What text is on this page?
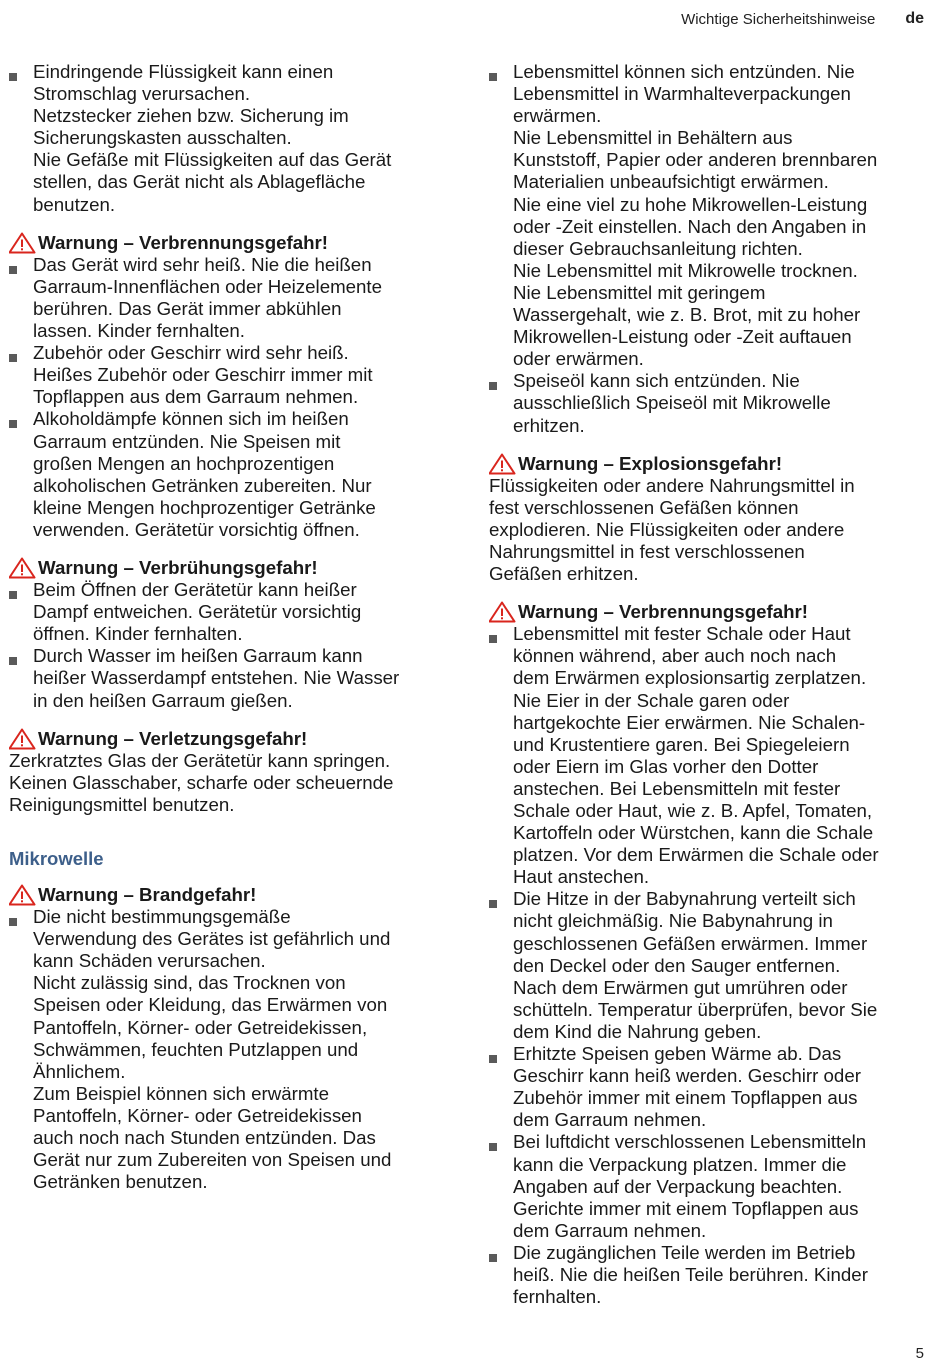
Wichtige Sicherheitshinweise de
Eindringende Flüssigkeit kann einen
Stromschlag verursachen.
Netzstecker ziehen bzw. Sicherung im
Sicherungskasten ausschalten.
Nie Gefäße mit Flüssigkeiten auf das Gerät
stellen, das Gerät nicht als Ablagefläche
benutzen.
Warnung – Verbrennungsgefahr!
Das Gerät wird sehr heiß. Nie die heißen
Garraum-Innenflächen oder Heizelemente
berühren. Das Gerät immer abkühlen
lassen. Kinder fernhalten.
Zubehör oder Geschirr wird sehr heiß.
Heißes Zubehör oder Geschirr immer mit
Topflappen aus dem Garraum nehmen.
Alkoholdämpfe können sich im heißen
Garraum entzünden. Nie Speisen mit
großen Mengen an hochprozentigen
alkoholischen Getränken zubereiten. Nur
kleine Mengen hochprozentiger Getränke
verwenden. Gerätetür vorsichtig öffnen.
Warnung – Verbrühungsgefahr!
Beim Öffnen der Gerätetür kann heißer
Dampf entweichen. Gerätetür vorsichtig
öffnen. Kinder fernhalten.
Durch Wasser im heißen Garraum kann
heißer Wasserdampf entstehen. Nie Wasser
in den heißen Garraum gießen.
Warnung – Verletzungsgefahr!
Zerkratztes Glas der Gerätetür kann springen.
Keinen Glasschaber, scharfe oder scheuernde
Reinigungsmittel benutzen.
Mikrowelle
Warnung – Brandgefahr!
Die nicht bestimmungsgemäße
Verwendung des Gerätes ist gefährlich und
kann Schäden verursachen.
Nicht zulässig sind, das Trocknen von
Speisen oder Kleidung, das Erwärmen von
Pantoffeln, Körner- oder Getreidekissen,
Schwämmen, feuchten Putzlappen und
Ähnlichem.
Zum Beispiel können sich erwärmte
Pantoffeln, Körner- oder Getreidekissen
auch noch nach Stunden entzünden. Das
Gerät nur zum Zubereiten von Speisen und
Getränken benutzen.
Lebensmittel können sich entzünden. Nie
Lebensmittel in Warmhalteverpackungen
erwärmen.
Nie Lebensmittel in Behältern aus
Kunststoff, Papier oder anderen brennbaren
Materialien unbeaufsichtigt erwärmen.
Nie eine viel zu hohe Mikrowellen-Leistung
oder -Zeit einstellen. Nach den Angaben in
dieser Gebrauchsanleitung richten.
Nie Lebensmittel mit Mikrowelle trocknen.
Nie Lebensmittel mit geringem
Wassergehalt, wie z. B. Brot, mit zu hoher
Mikrowellen-Leistung oder -Zeit auftauen
oder erwärmen.
Speiseöl kann sich entzünden. Nie
ausschließlich Speiseöl mit Mikrowelle
erhitzen.
Warnung – Explosionsgefahr!
Flüssigkeiten oder andere Nahrungsmittel in
fest verschlossenen Gefäßen können
explodieren. Nie Flüssigkeiten oder andere
Nahrungsmittel in fest verschlossenen
Gefäßen erhitzen.
Warnung – Verbrennungsgefahr!
Lebensmittel mit fester Schale oder Haut
können während, aber auch noch nach
dem Erwärmen explosionsartig zerplatzen.
Nie Eier in der Schale garen oder
hartgekochte Eier erwärmen. Nie Schalen-
und Krustentiere garen. Bei Spiegeleiern
oder Eiern im Glas vorher den Dotter
anstechen. Bei Lebensmitteln mit fester
Schale oder Haut, wie z. B. Apfel, Tomaten,
Kartoffeln oder Würstchen, kann die Schale
platzen. Vor dem Erwärmen die Schale oder
Haut anstechen.
Die Hitze in der Babynahrung verteilt sich
nicht gleichmäßig. Nie Babynahrung in
geschlossenen Gefäßen erwärmen. Immer
den Deckel oder den Sauger entfernen.
Nach dem Erwärmen gut umrühren oder
schütteln. Temperatur überprüfen, bevor Sie
dem Kind die Nahrung geben.
Erhitzte Speisen geben Wärme ab. Das
Geschirr kann heiß werden. Geschirr oder
Zubehör immer mit einem Topflappen aus
dem Garraum nehmen.
Bei luftdicht verschlossenen Lebensmitteln
kann die Verpackung platzen. Immer die
Angaben auf der Verpackung beachten.
Gerichte immer mit einem Topflappen aus
dem Garraum nehmen.
Die zugänglichen Teile werden im Betrieb
heiß. Nie die heißen Teile berühren. Kinder
fernhalten.
5
